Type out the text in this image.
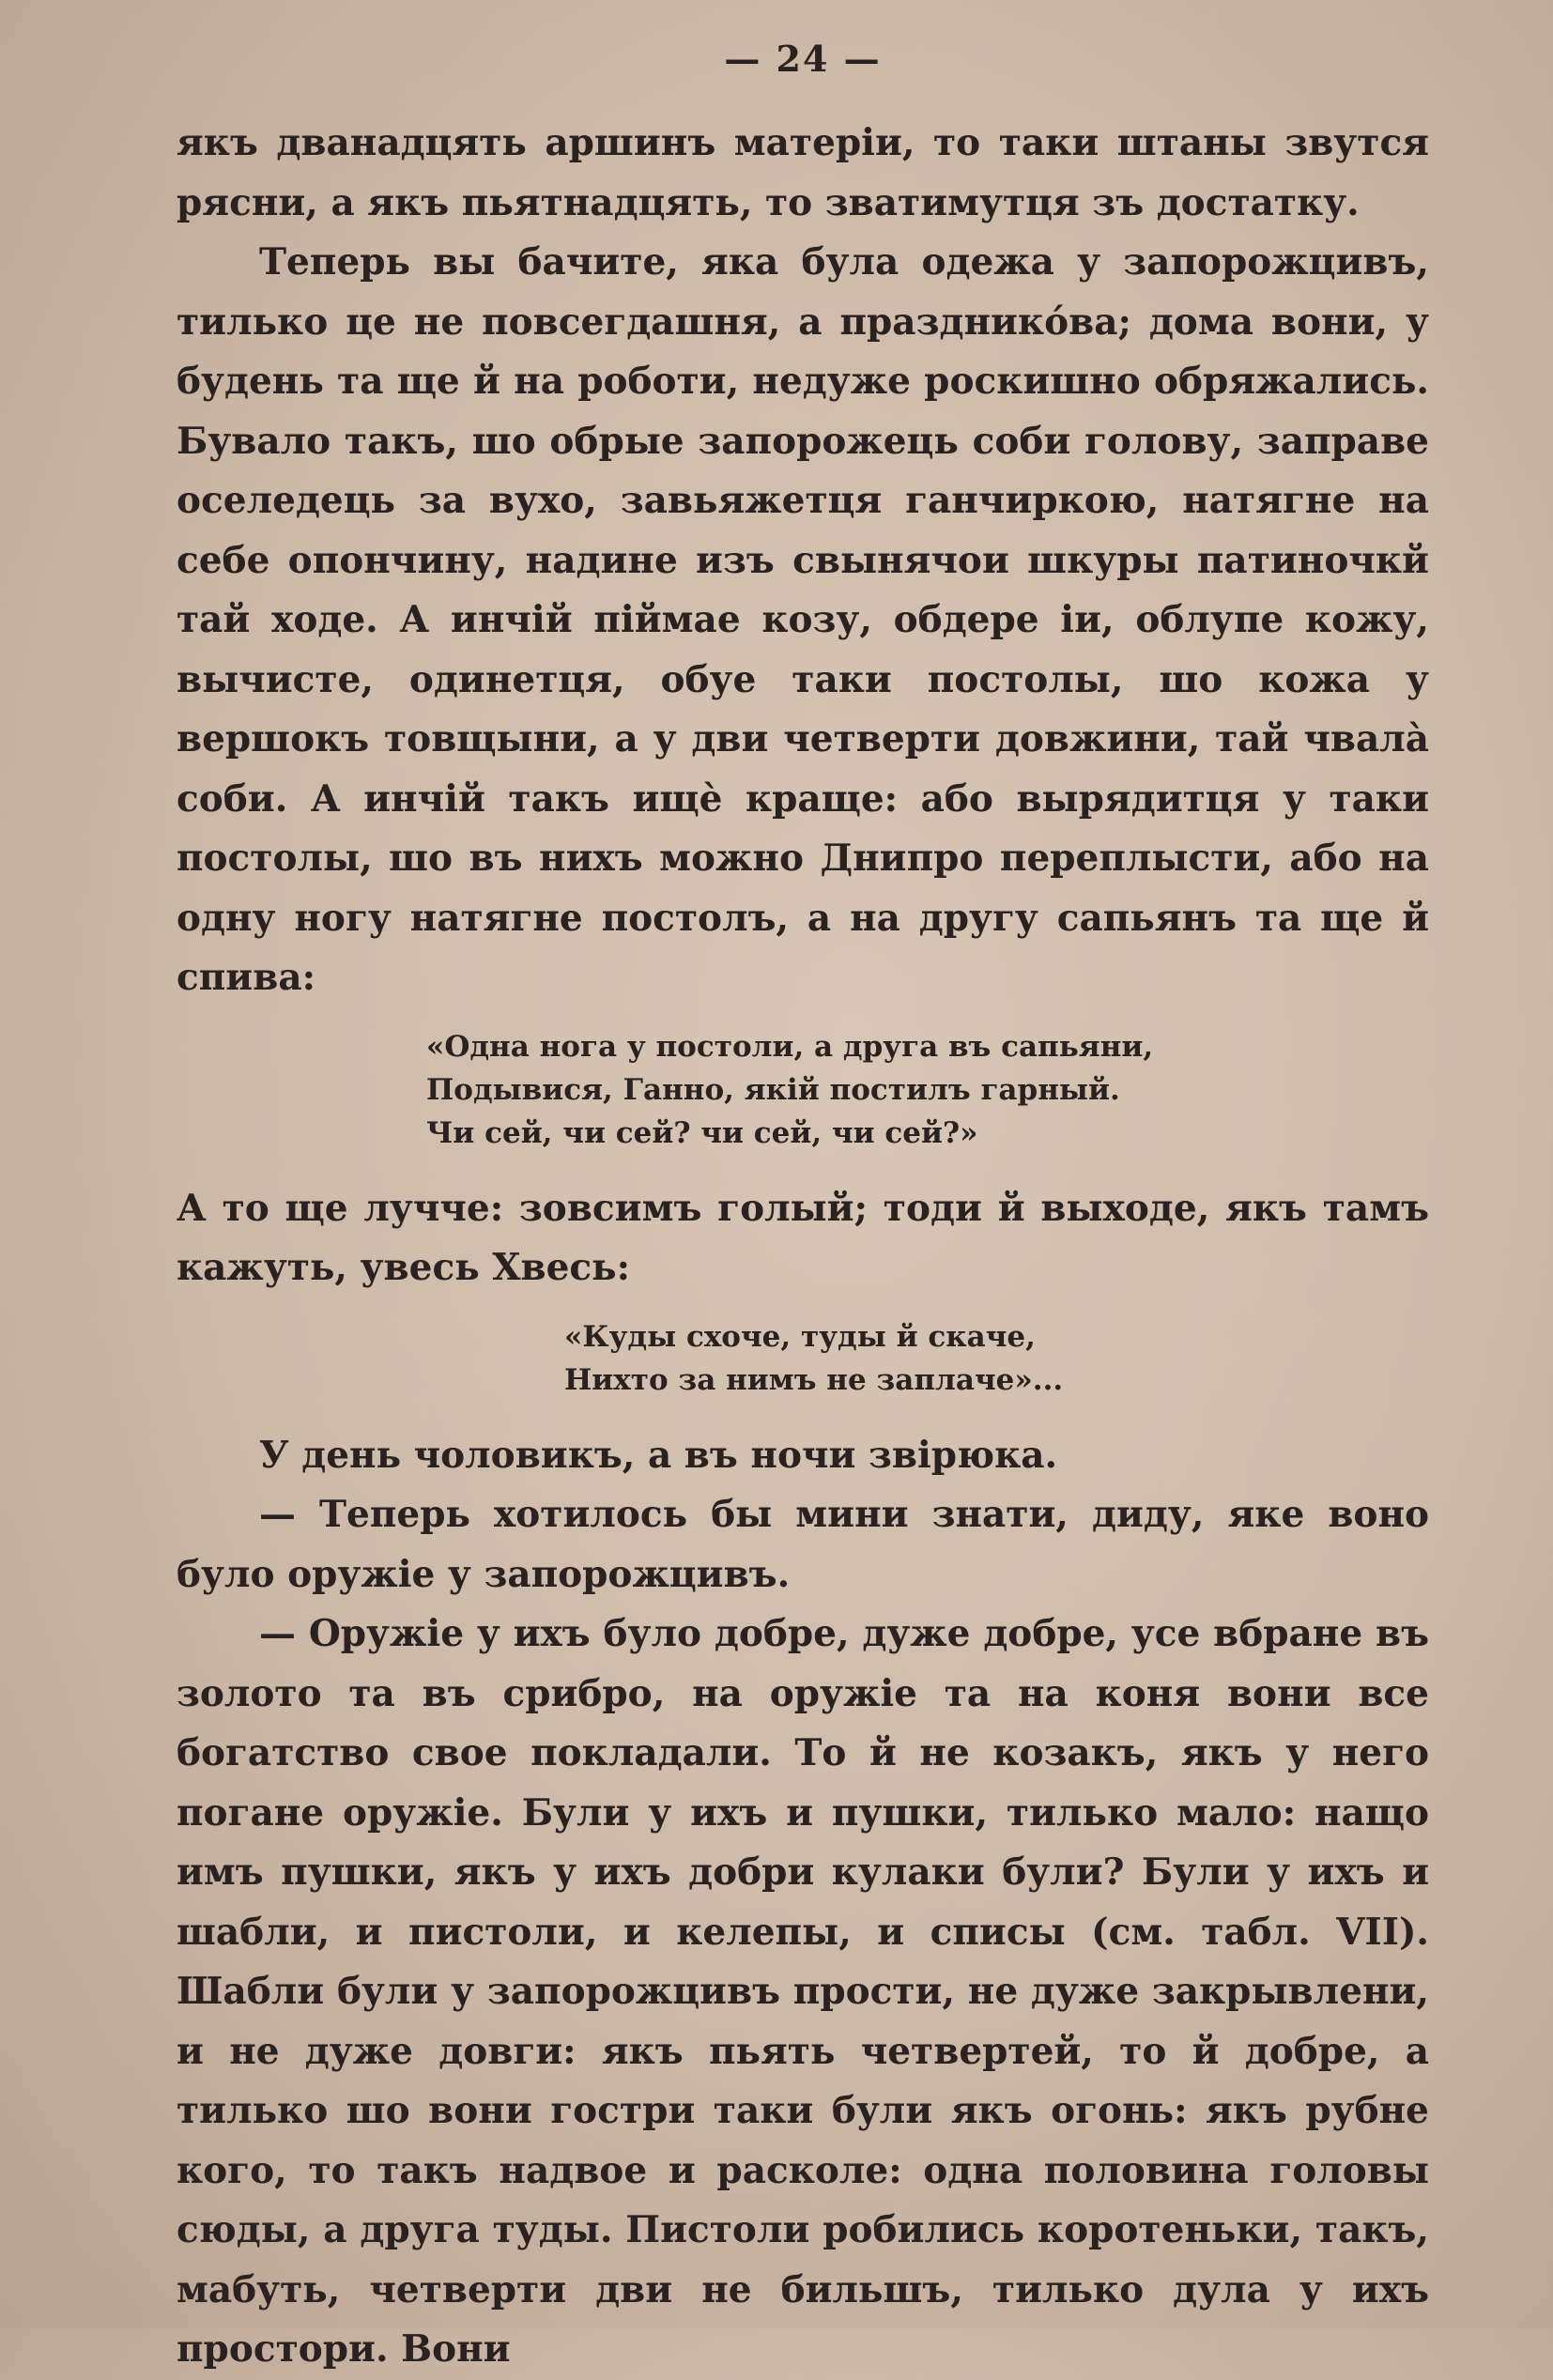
— 24 —

якъ дванадцять аршинъ матеріи, то таки штаны звутся рясни, а якъ пьятнадцять, то зватимутця зъ достатку.

Теперь вы бачите, яка була одежа у запорожцивъ, тилько це не повсегдашня, а праздникóва; дома вони, у будень та ще й на роботи, недуже роскишно обряжались. Бувало такъ, шо обрые запорожець соби голову, заправе оселедець за вухо, завьяжетця ганчиркою, натягне на себе опончину, надине изъ свынячои шкуры патиночкй тай ходе. А инчій піймае козу, обдере іи, облупе кожу, вычисте, одинетця, обуе таки постолы, шо кожа у вершокъ товщыни, а у дви четверти довжини, тай чвалà соби. А инчій такъ ищè краще: або вырядитця у таки постолы, шо въ нихъ можно Днипро переплысти, або на одну ногу натягне постолъ, а на другу сапьянъ та ще й спива:

«Одна нога у постоли, а друга въ сапьяни,
Подывися, Ганно, якій постилъ гарный.
Чи сей, чи сей? чи сей, чи сей?»

А то ще лучче: зовсимъ голый; тоди й выходе, якъ тамъ кажуть, увесь Хвесь:

«Куды схоче, туды й скаче,
Нихто за нимъ не заплаче»...

У день чоловикъ, а въ ночи звірюка.

— Теперь хотилось бы мини знати, диду, яке воно було оружіе у запорожцивъ.

— Оружіе у ихъ було добре, дуже добре, усе вбране въ золото та въ срибро, на оружіе та на коня вони все богатство свое покладали. То й не козакъ, якъ у него погане оружіе. Були у ихъ и пушки, тилько мало: нащо имъ пушки, якъ у ихъ добри кулаки були? Були у ихъ и шабли, и пистоли, и келепы, и списы (см. табл. VII). Шабли були у запорожцивъ прости, не дуже закрывлени, и не дуже довги: якъ пьять четвертей, то й добре, а тилько шо вони гостри таки були якъ огонь: якъ рубне кого, то такъ надвое и расколе: одна половина головы сюды, а друга туды. Пистоли робились коротеньки, такъ, мабуть, четверти дви не бильшъ, тилько дула у ихъ простори. Вони
